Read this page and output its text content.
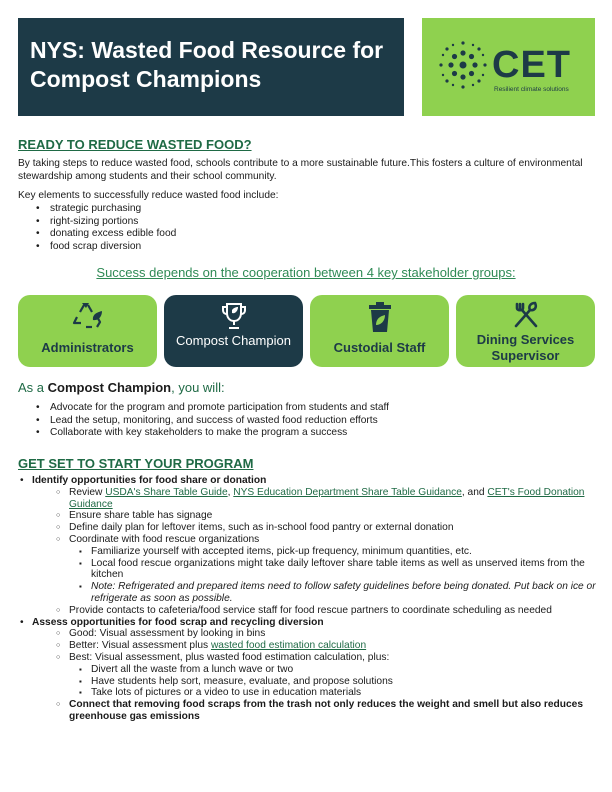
NYS: Wasted Food Resource for Compost Champions	CET
Resilient climate solutions
READY TO REDUCE WASTED FOOD?
By taking steps to reduce wasted food, schools contribute to a more sustainable future.This fosters a culture of environmental stewardship among students and their school community.
Key elements to successfully reduce wasted food include:
• strategic purchasing
• right-sizing portions
• donating excess edible food
• food scrap diversion
Success depends on the cooperation between 4 key stakeholder groups:
Administrators	Compost Champion	Custodial Staff
Dining Services Supervisor
As a Compost Champion, you will:
• Advocate for the program and promote participation from students and staff
• Lead the setup, monitoring, and success of wasted food reduction efforts
• Collaborate with key stakeholders to make the program a success
GET SET TO START YOUR PROGRAM
• Identify opportunities for food share or donation
○ Review USDA's Share Table Guide, NYS Education Department Share Table Guidance, and CET's Food Donation Guidance
○ Ensure share table has signage
○ Define daily plan for leftover items, such as in-school food pantry or external donation
○ Coordinate with food rescue organizations
▪ Familiarize yourself with accepted items, pick-up frequency, minimum quantities, etc.
▪ Local food rescue organizations might take daily leftover share table items as well as unserved items from the kitchen
▪ Note: Refrigerated and prepared items need to follow safety guidelines before being donated. Put back on ice or refrigerate as soon as possible.
○ Provide contacts to cafeteria/food service staff for food rescue partners to coordinate scheduling as needed
• Assess opportunities for food scrap and recycling diversion
○ Good: Visual assessment by looking in bins
○ Better: Visual assessment plus wasted food estimation calculation
○ Best: Visual assessment, plus wasted food estimation calculation, plus:
▪ Divert all the waste from a lunch wave or two
▪ Have students help sort, measure, evaluate, and propose solutions
▪ Take lots of pictures or a video to use in education materials
○ Connect that removing food scraps from the trash not only reduces the weight and smell but also reduces greenhouse gas emissions
